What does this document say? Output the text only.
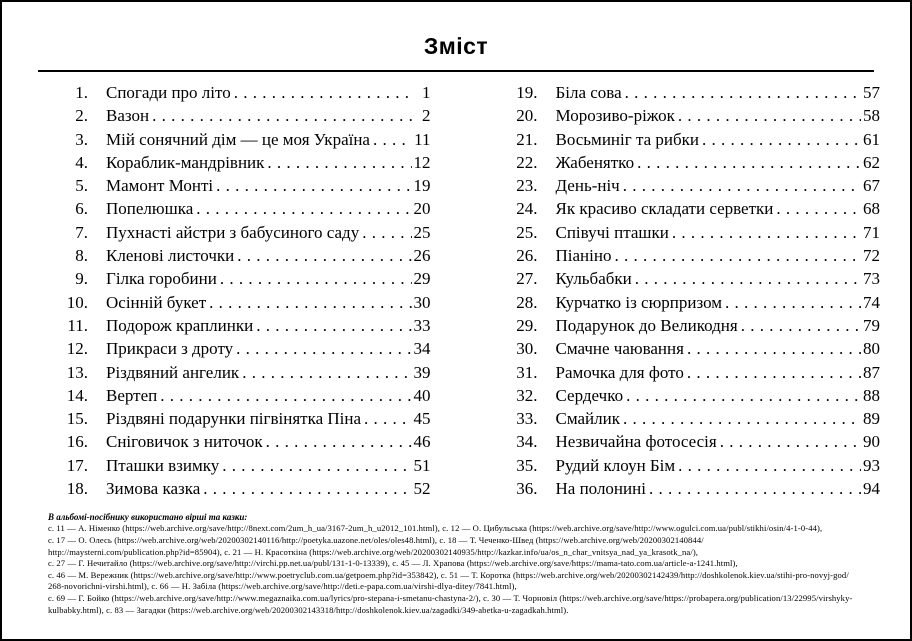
Зміст
1. Спогади про літо . . .	1
2. Вазон . . .	2
3. Мій сонячний дім — це моя Україна . . .	11
4. Кораблик-мандрівник . . .	12
5. Мамонт Монті . . .	19
6. Попелюшка . . .	20
7. Пухнасті айстри з бабусиного саду . . .	25
8. Кленові листочки . . .	26
9. Гілка горобини . . .	29
10. Осінній букет . . .	30
11. Подорож краплинки . . .	33
12. Прикраси з дроту . . .	34
13. Різдвяний ангелик . . .	39
14. Вертеп . . .	40
15. Різдвяні подарунки пігвінятка Піна . . .	45
16. Сніговичок з ниточок . . .	46
17. Пташки взимку . . .	51
18. Зимова казка . . .	52
19. Біла сова . . .	57
20. Морозиво-ріжок . . .	58
21. Восьминіг та рибки . . .	61
22. Жабенятко . . .	62
23. День-ніч . . .	67
24. Як красиво складати серветки . . .	68
25. Співучі пташки . . .	71
26. Піаніно . . .	72
27. Кульбабки . . .	73
28. Курчатко із сюрпризом . . .	74
29. Подарунок до Великодня . . .	79
30. Смачне чаювання . . .	80
31. Рамочка для фото . . .	87
32. Сердечко . . .	88
33. Смайлик . . .	89
34. Незвичайна фотосесія . . .	90
35. Рудий клоун Бім . . .	93
36. На полонині . . .	94
В альбомі-посібнику використано вірші та казки:
с. 11 — А. Німенко (https://web.archive.org/save/http://8next.com/2um_h_ua/3167-2um_h_u2012_101.html), с. 12 — О. Цибульська (https://web.archive.org/save/http://www.ogulci.com.ua/publ/stikhi/osin/4-1-0-44),
с. 17 — О. Олесь (https://web.archive.org/web/20200302140116/http://poetyka.uazone.net/oles/oles48.html), с. 18 — Т. Чеченко-Швед (https://web.archive.org/web/20200302140844/
http://maysterni.com/publication.php?id=85904), с. 21 — Н. Красоткіна (https://web.archive.org/web/20200302140935/http://kazkar.info/ua/os_n_char_vnitsya_nad_ya_krasotk_na/),
с. 27 — Г. Нечитайло (https://web.archive.org/save/http://virchi.pp.net.ua/publ/131-1-0-13339), с. 45 — Л. Храпова (https://web.archive.org/save/https://mama-tato.com.ua/article-a-1241.html),
с. 46 — М. Вережник (https://web.archive.org/save/http://www.poetryclub.com.ua/getpoem.php?id=353842), с. 51 — Т. Коротка (https://web.archive.org/web/20200302142439/http://doshkolenok.kiev.ua/stihi-pro-novyj-god/
268-novorichni-virshi.html), с. 66 — Н. Забіла (https://web.archive.org/save/http://deti.e-papa.com.ua/virshi-dlya-ditey/7841.html),
с. 69 — Г. Бойко (https://web.archive.org/save/http://www.megaznaika.com.ua/lyrics/pro-stepana-i-smetanu-chastyna-2/), с. 30 — Т. Чорновіл (https://web.archive.org/save/https://probapera.org/publication/13/22995/virshyky-
kulbabky.html), с. 83 — Загадки (https://web.archive.org/web/20200302143318/http://doshkolenok.kiev.ua/zagadki/349-abetka-u-zagadkah.html).
